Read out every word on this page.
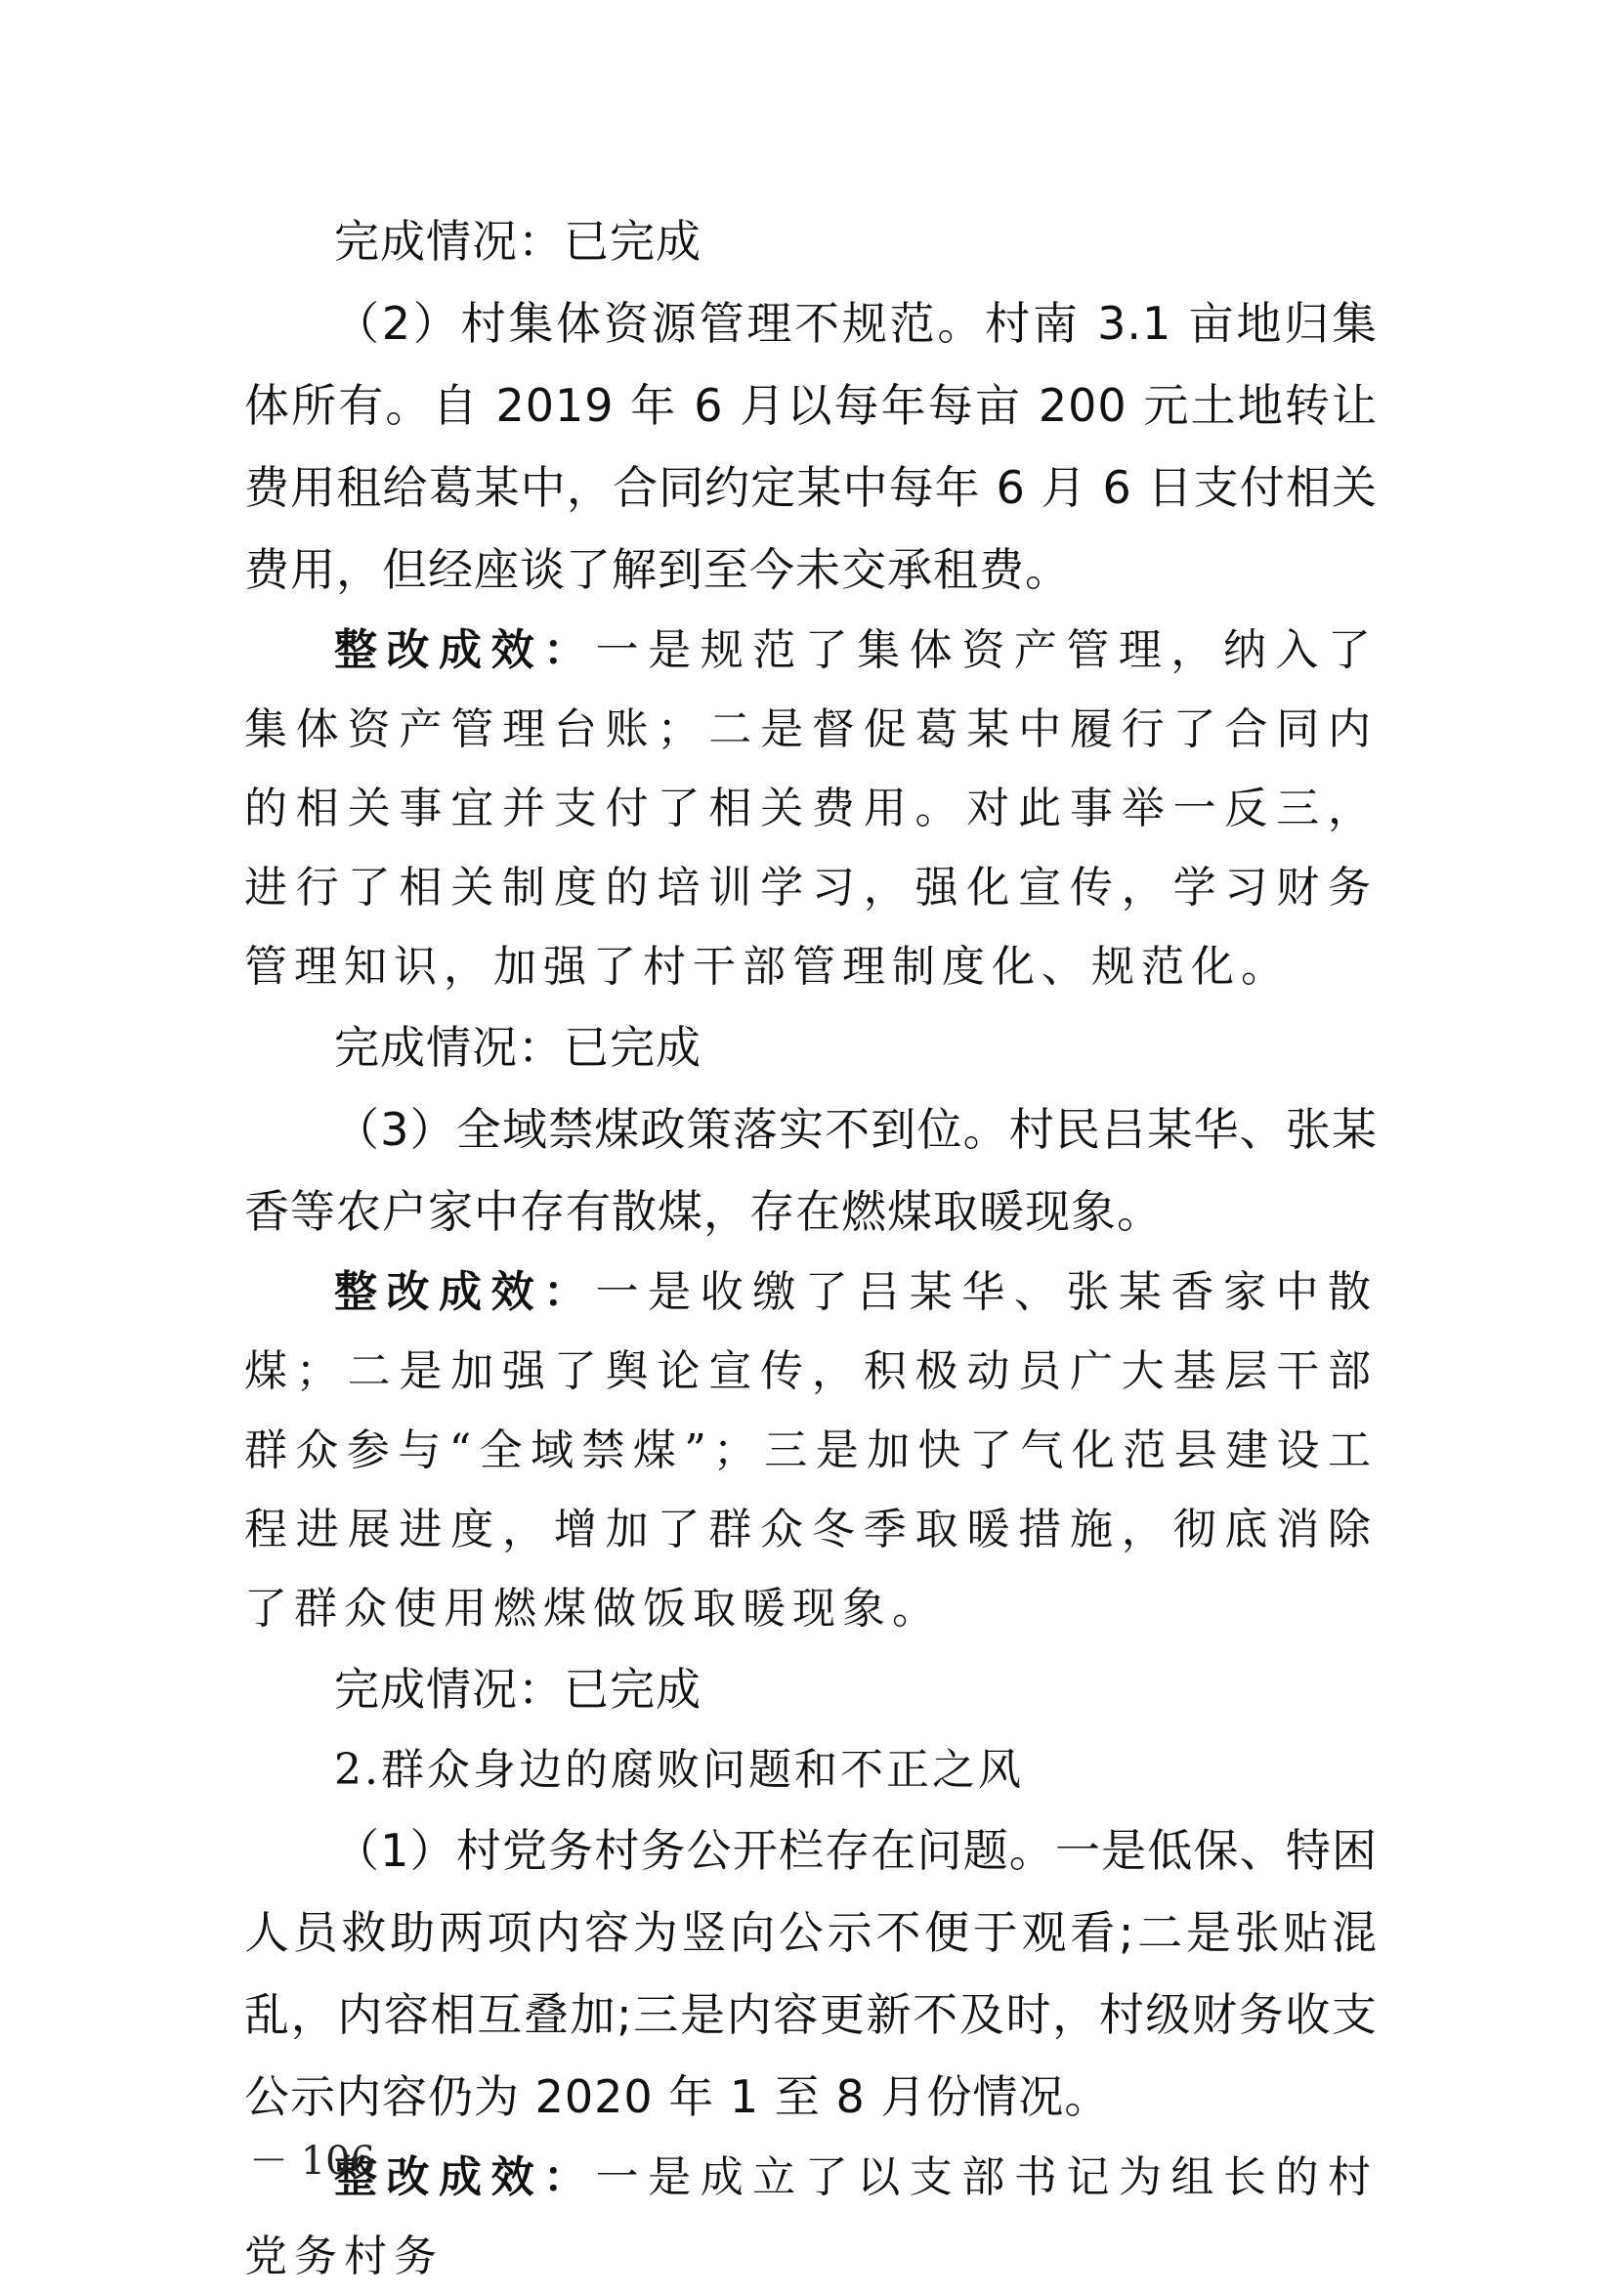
完成情况：已完成

（2）村集体资源管理不规范。村南 3.1 亩地归集体所有。自 2019 年 6 月以每年每亩 200 元土地转让费用租给葛某中，合同约定某中每年 6 月 6 日支付相关费用，但经座谈了解到至今未交承租费。

整改成效：一是规范了集体资产管理，纳入了集体资产管理台账；二是督促葛某中履行了合同内的相关事宜并支付了相关费用。对此事举一反三，进行了相关制度的培训学习，强化宣传，学习财务管理知识，加强了村干部管理制度化、规范化。

完成情况：已完成

（3）全域禁煤政策落实不到位。村民吕某华、张某香等农户家中存有散煤，存在燃煤取暖现象。

整改成效：一是收缴了吕某华、张某香家中散煤；二是加强了舆论宣传，积极动员广大基层干部群众参与“全域禁煤”；三是加快了气化范县建设工程进展进度，增加了群众冬季取暖措施，彻底消除了群众使用燃煤做饭取暖现象。

完成情况：已完成

2.群众身边的腐败问题和不正之风

（1）村党务村务公开栏存在问题。一是低保、特困人员救助两项内容为竖向公示不便于观看;二是张贴混乱，内容相互叠加;三是内容更新不及时，村级财务收支公示内容仍为 2020 年 1 至 8 月份情况。

整改成效：一是成立了以支部书记为组长的村党务村务

－ 106
